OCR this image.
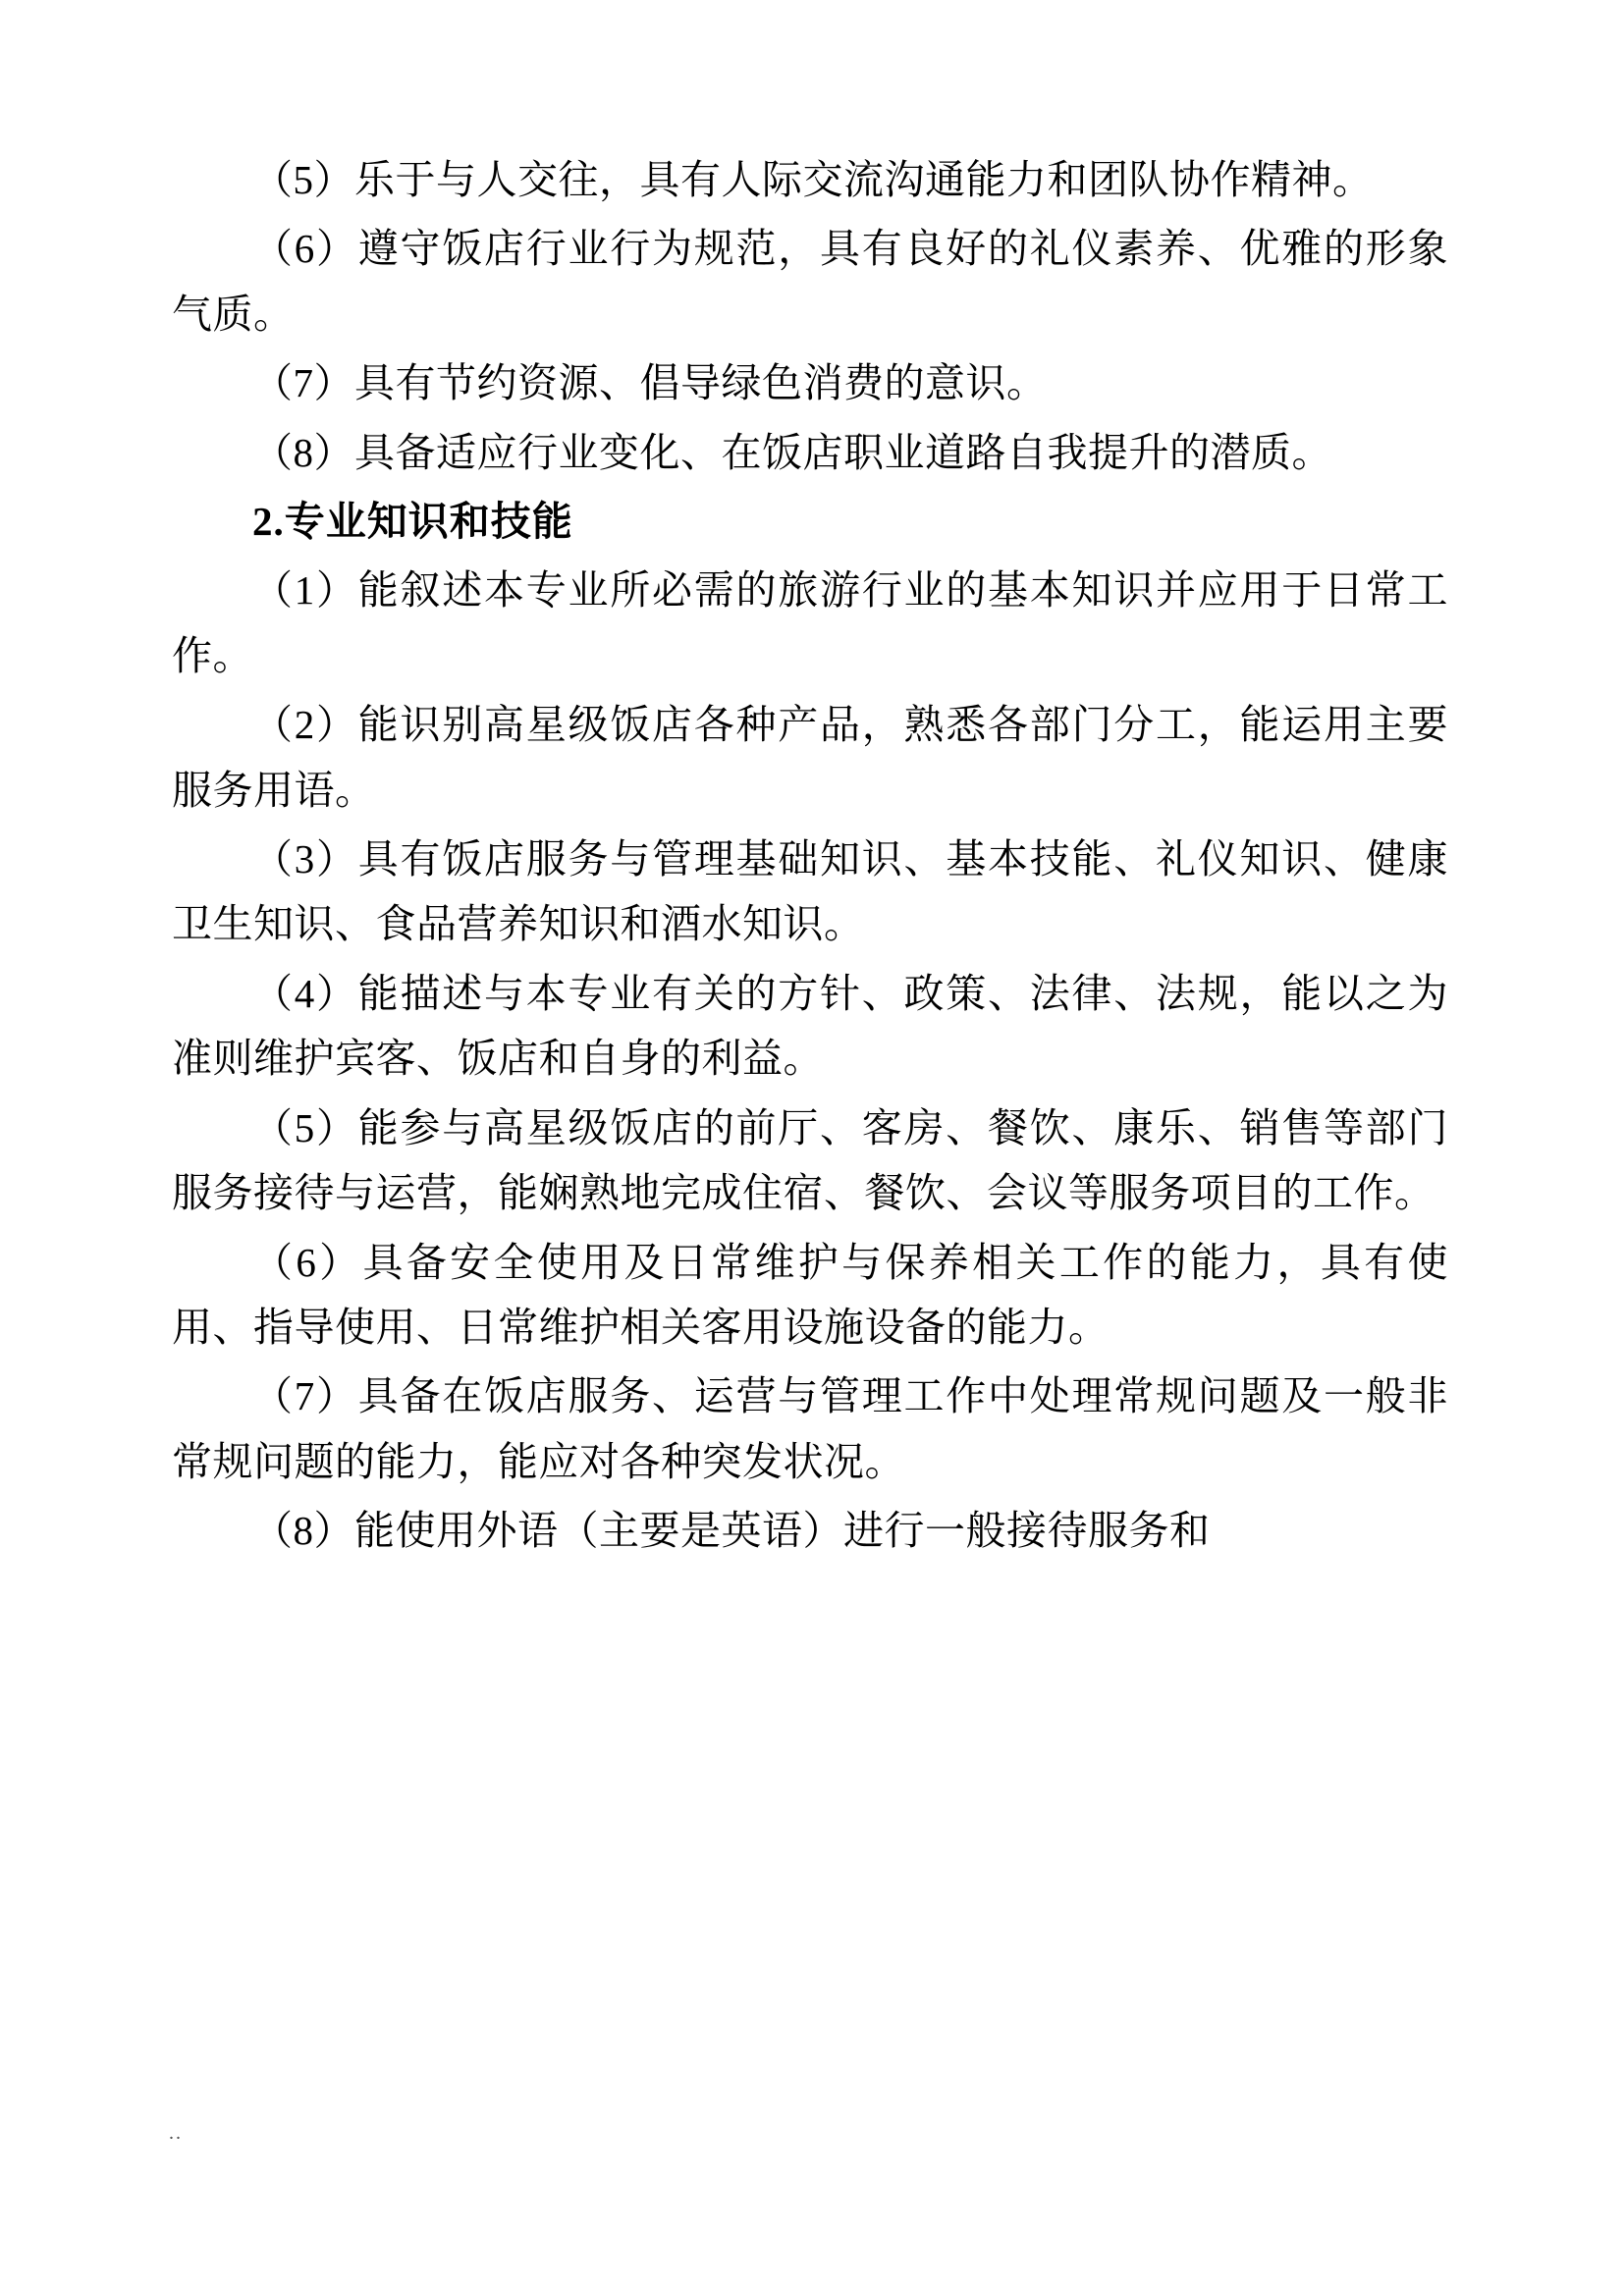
（5）乐于与人交往，具有人际交流沟通能力和团队协作精神。

（6）遵守饭店行业行为规范，具有良好的礼仪素养、优雅的形象气质。

（7）具有节约资源、倡导绿色消费的意识。

（8）具备适应行业变化、在饭店职业道路自我提升的潜质。

2.专业知识和技能

（1）能叙述本专业所必需的旅游行业的基本知识并应用于日常工作。

（2）能识别高星级饭店各种产品，熟悉各部门分工，能运用主要服务用语。

（3）具有饭店服务与管理基础知识、基本技能、礼仪知识、健康卫生知识、食品营养知识和酒水知识。

（4）能描述与本专业有关的方针、政策、法律、法规，能以之为准则维护宾客、饭店和自身的利益。

（5）能参与高星级饭店的前厅、客房、餐饮、康乐、销售等部门服务接待与运营，能娴熟地完成住宿、餐饮、会议等服务项目的工作。

（6）具备安全使用及日常维护与保养相关工作的能力，具有使用、指导使用、日常维护相关客用设施设备的能力。

（7）具备在饭店服务、运营与管理工作中处理常规问题及一般非常规问题的能力，能应对各种突发状况。

（8）能使用外语（主要是英语）进行一般接待服务和

..
